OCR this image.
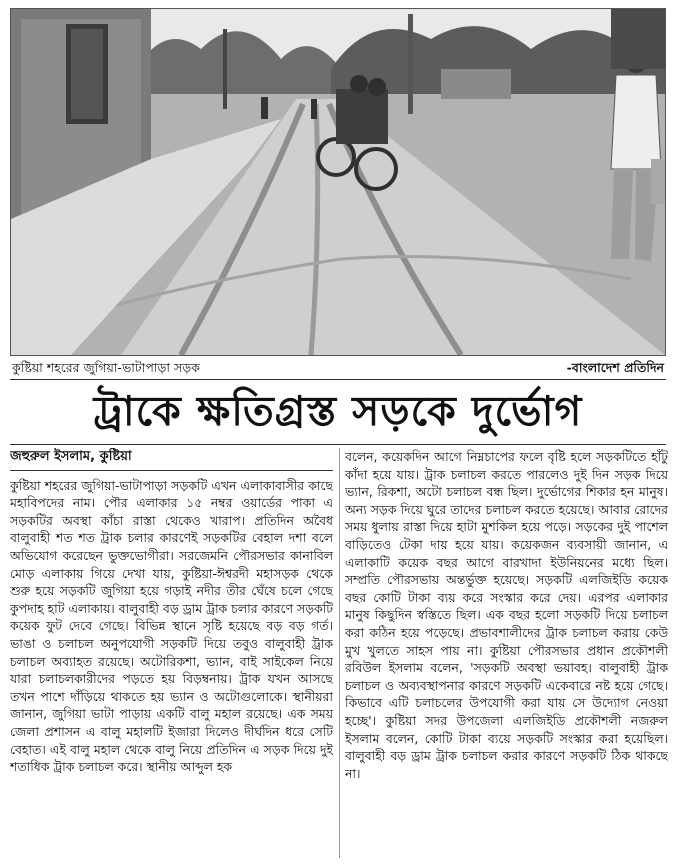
কুষ্টিয়া শহরের জুগিয়া-ভাটাপাড়া সড়ক	-বাংলাদেশ প্রতিদিন
ট্রাকে ক্ষতিগ্রস্ত সড়কে দুর্ভোগ
জহুরুল ইসলাম, কুষ্টিয়া

কুষ্টিয়া শহরের জুগিয়া-ভাটাপাড়া সড়কটি এখন এলাকাবাসীর কাছে মহাবিপদের নাম। পৌর এলাকার ১৫ নম্বর ওয়ার্ডের পাকা এ সড়কটির অবস্থা কাঁচা রাস্তা থেকেও খারাপ। প্রতিদিন অবৈধ বালুবাহী শত শত ট্রাক চলার কারণেই সড়কটির বেহাল দশা বলে অভিযোগ করেছেন ভুক্তভোগীরা। সরজেমনি পৌরসভার কানাবিল মোড় এলাকায় গিয়ে দেখা যায়, কুষ্টিয়া-ঈশ্বরদী মহাসড়ক থেকে শুরু হয়ে সড়কটি জুগিয়া হয়ে গড়াই নদীর তীর ঘেঁষে চলে গেছে কুপদাহ হাট এলাকায়। বালুবাহী বড় ড্রাম ট্রাক চলার কারণে সড়কটি কয়েক ফুট দেবে গেছে। বিভিন্ন স্থানে সৃষ্টি হয়েছে বড় বড় গর্ত। ভাঙা ও চলাচল অনুপযোগী সড়কটি দিয়ে তবুও বালুবাহী ট্রাক চলাচল অব্যাহত রয়েছে। অটোরিকশা, ভ্যান, বাই সাইকেল নিয়ে যারা চলাচলকারীদের পড়তে হয় বিড়ম্বনায়। ট্রাক যখন আসছে তখন পাশে দাঁড়িয়ে থাকতে হয় ভ্যান ও অটোগুলোকে। স্থানীয়রা জানান, জুগিয়া ভাটা পাড়ায় একটি বালু মহাল রয়েছে। এক সময় জেলা প্রশাসন এ বালু মহালটি ইজারা দিলেও দীর্ঘদিন ধরে সেটি বেহাত। এই বালু মহাল থেকে বালু নিয়ে প্রতিদিন এ সড়ক দিয়ে দুই শতাধিক ট্রাক চলাচল করে। স্থানীয় আব্দুল হক

বলেন, কয়েকদিন আগে নিম্নচাপের ফলে বৃষ্টি হলে সড়কটিতে হাঁটু কাঁদা হয়ে যায়। ট্রাক চলাচল করতে পারলেও দুই দিন সড়ক দিয়ে ভ্যান, রিকশা, অটো চলাচল বন্ধ ছিল। দুর্ভোগের শিকার হন মানুষ। অন্য সড়ক দিয়ে ঘুরে তাদের চলাচল করতে হয়েছে। আবার রোদের সময় ধুলায় রাস্তা দিয়ে হাটা মুশকিল হয়ে পড়ে। সড়কের দুই পাশেল বাড়িতেও টেকা দায় হয়ে যায়। কয়েকজন ব্যবসায়ী জানান, এ এলাকাটি কয়েক বছর আগে বারখাদা ইউনিয়নের মধ্যে ছিল। সম্প্রতি পৌরসভায় অন্তর্ভুক্ত হয়েছে। সড়কটি এলজিইডি কয়েক বছর কোটি টাকা ব্যয় করে সংস্কার করে দেয়। এরপর এলাকার মানুষ কিছুদিন স্বস্তিতে ছিল। এক বছর হলো সড়কটি দিয়ে চলাচল করা কঠিন হয়ে পড়েছে। প্রভাবশালীদের ট্রাক চলাচল করায় কেউ মুখ খুলতে সাহস পায় না। কুষ্টিয়া পৌরসভার প্রধান প্রকৌশলী রবিউল ইসলাম বলেন, 'সড়কটি অবস্থা ভয়াবহ। বালুবাহী ট্রাক চলাচল ও অব্যবস্থাপনার কারণে সড়কটি একেবারে নষ্ট হয়ে গেছে। কিভাবে এটি চলাচলের উপযোগী করা যায় সে উদ্যোগ নেওয়া হচ্ছে'। কুষ্টিয়া সদর উপজেলা এলজিইডি প্রকৌশলী নজরুল ইসলাম বলেন, কোটি টাকা ব্যয়ে সড়কটি সংস্কার করা হয়েছিল। বালুবাহী বড় ড্রাম ট্রাক চলাচল করার কারণে সড়কটি ঠিক থাকছে না।
